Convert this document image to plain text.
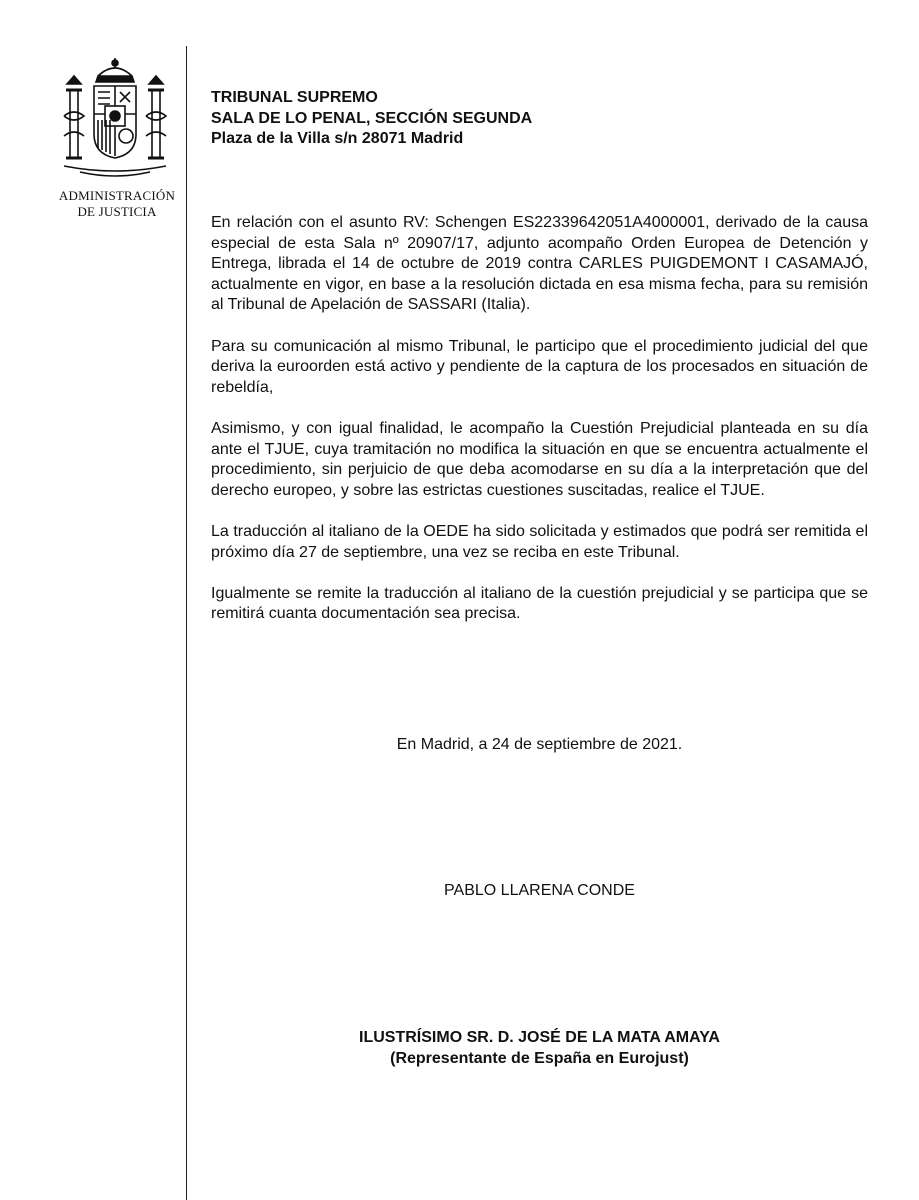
ADMINISTRACIÓN
DE JUSTICIA
TRIBUNAL SUPREMO
SALA DE LO PENAL, SECCIÓN SEGUNDA
Plaza de la Villa s/n 28071 Madrid

En relación con el asunto RV: Schengen ES22339642051A4000001, derivado de la causa especial de esta Sala nº 20907/17, adjunto acompaño Orden Europea de Detención y Entrega, librada el 14 de octubre de 2019 contra CARLES PUIGDEMONT I CASAMAJÓ, actualmente en vigor, en base a la resolución dictada en esa misma fecha, para su remisión al Tribunal de Apelación de SASSARI (Italia).

Para su comunicación al mismo Tribunal, le participo que el procedimiento judicial del que deriva la euroorden está activo y pendiente de la captura de los procesados en situación de rebeldía,

Asimismo, y con igual finalidad, le acompaño la Cuestión Prejudicial planteada en su día ante el TJUE, cuya tramitación no modifica la situación en que se encuentra actualmente el procedimiento, sin perjuicio de que deba acomodarse en su día a la interpretación que del derecho europeo, y sobre las estrictas cuestiones suscitadas, realice el TJUE.

La traducción al italiano de la OEDE ha sido solicitada y estimados que podrá ser remitida el próximo día 27 de septiembre, una vez se reciba en este Tribunal.

Igualmente se remite la traducción al italiano de la cuestión prejudicial y se participa que se remitirá cuanta documentación sea precisa.

En Madrid, a 24 de septiembre de 2021.
PABLO LLARENA CONDE
ILUSTRÍSIMO SR. D. JOSÉ DE LA MATA AMAYA
(Representante de España en Eurojust)
